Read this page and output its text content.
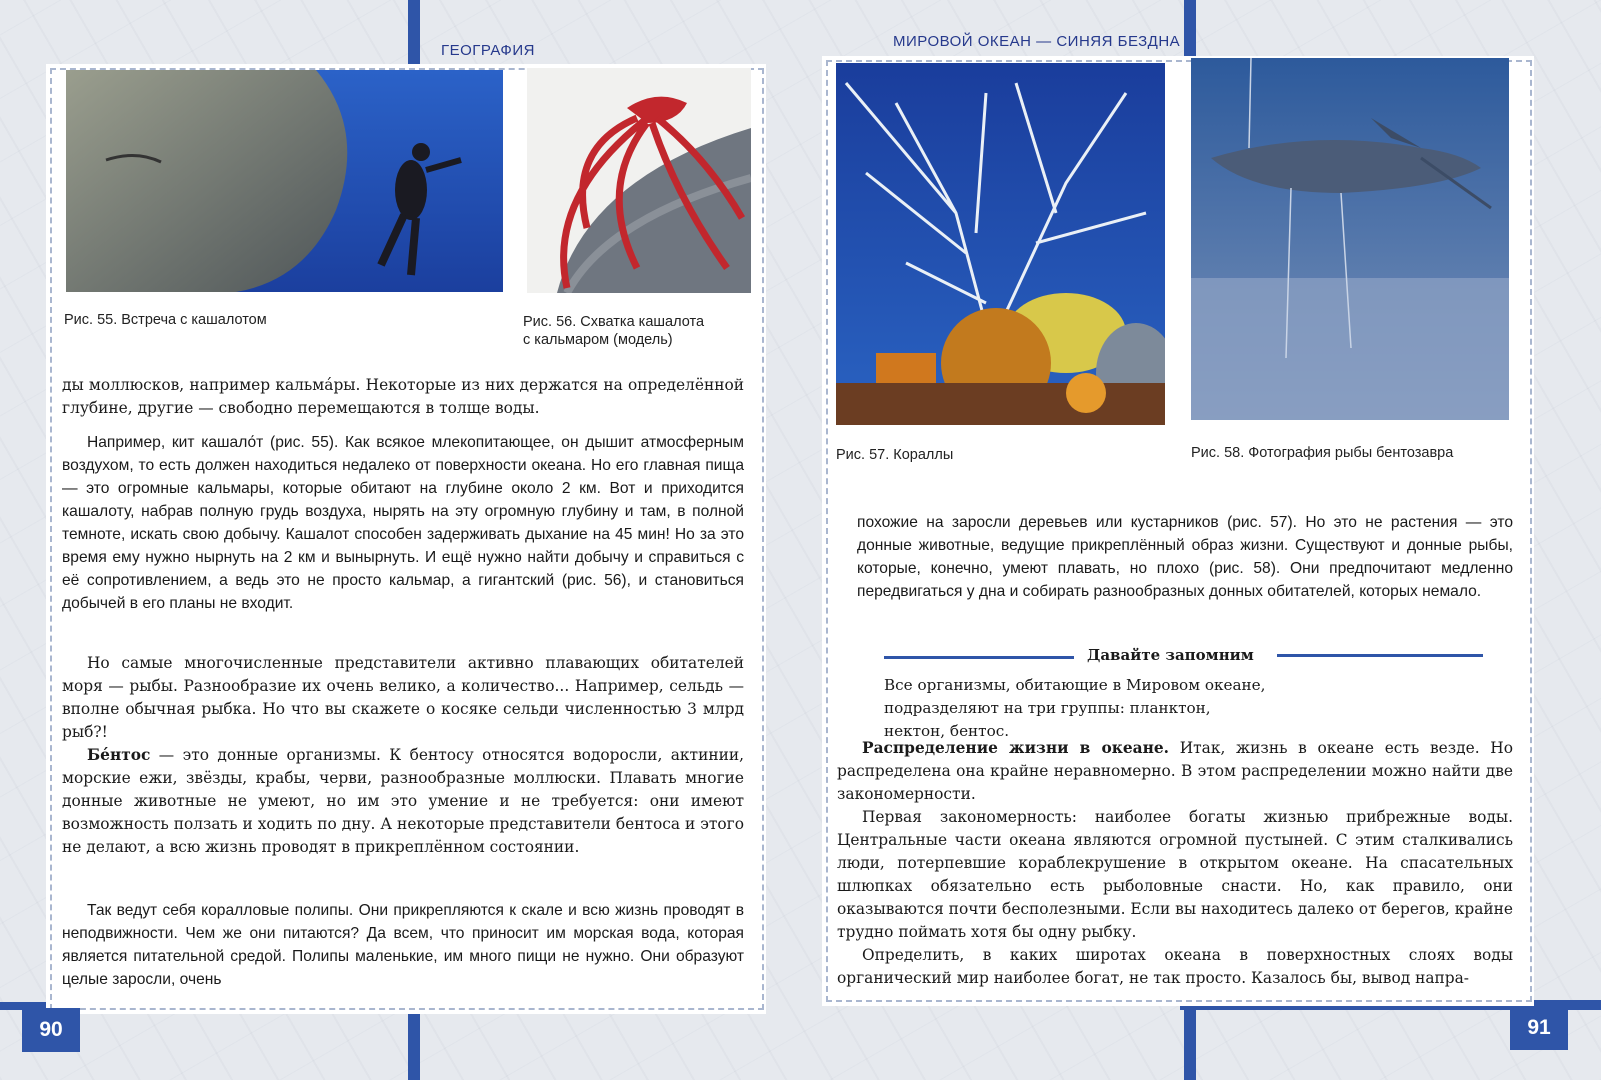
90	91
ГЕОГРАФИЯ
МИРОВОЙ ОКЕАН — СИНЯЯ БЕЗДНА
Рис. 55. Встреча с кашалотом	Рис. 56. Схватка кашалота
с кальмаром (модель)

ды моллюсков, например кальмáры. Некоторые из них держатся на определённой глубине, другие — свободно перемещаются в толще воды.

Например, кит кашало́т (рис. 55). Как всякое млекопитающее, он дышит атмосферным воздухом, то есть должен находиться недалеко от поверхности океана. Но его главная пища — это огромные кальмары, которые обитают на глубине около 2 км. Вот и приходится кашалоту, набрав полную грудь воздуха, нырять на эту огромную глубину и там, в полной темноте, искать свою добычу. Кашалот способен задерживать дыхание на 45 мин! Но за это время ему нужно нырнуть на 2 км и вынырнуть. И ещё нужно найти добычу и справиться с её сопротивлением, а ведь это не просто кальмар, а гигантский (рис. 56), и становиться добычей в его планы не входит.

Но самые многочисленные представители активно плавающих обитателей моря — рыбы. Разнообразие их очень велико, а количество... Например, сельдь — вполне обычная рыбка. Но что вы скажете о косяке сельди численностью 3 млрд рыб?!

Бе́нтос — это донные организмы. К бентосу относятся водоросли, актинии, морские ежи, звёзды, крабы, черви, разнообразные моллюски. Плавать многие донные животные не умеют, но им это умение и не требуется: они имеют возможность ползать и ходить по дну. А некоторые представители бентоса и этого не делают, а всю жизнь проводят в прикреплённом состоянии.

Так ведут себя коралловые полипы. Они прикрепляются к скале и всю жизнь проводят в неподвижности. Чем же они питаются? Да всем, что приносит им морская вода, которая является питательной средой. Полипы маленькие, им много пищи не нужно. Они образуют целые заросли, очень

Рис. 57. Кораллы	Рис. 58. Фотография рыбы бентозавра

похожие на заросли деревьев или кустарников (рис. 57). Но это не растения — это донные животные, ведущие прикреплённый образ жизни. Существуют и донные рыбы, которые, конечно, умеют плавать, но плохо (рис. 58). Они предпочитают медленно передвигаться у дна и собирать разнообразных донных обитателей, которых немало.

Давайте запомним
Все организмы, обитающие в Мировом океане, подразделяют на три группы: планктон, нектон, бентос.

Распределение жизни в океане. Итак, жизнь в океане есть везде. Но распределена она крайне неравномерно. В этом распределении можно найти две закономерности.

Первая закономерность: наиболее богаты жизнью прибрежные воды. Центральные части океана являются огромной пустыней. С этим сталкивались люди, потерпевшие кораблекрушение в открытом океане. На спасательных шлюпках обязательно есть рыболовные снасти. Но, как правило, они оказываются почти бесполезными. Если вы находитесь далеко от берегов, крайне трудно поймать хотя бы одну рыбку.

Определить, в каких широтах океана в поверхностных слоях воды органический мир наиболее богат, не так просто. Казалось бы, вывод напра-
